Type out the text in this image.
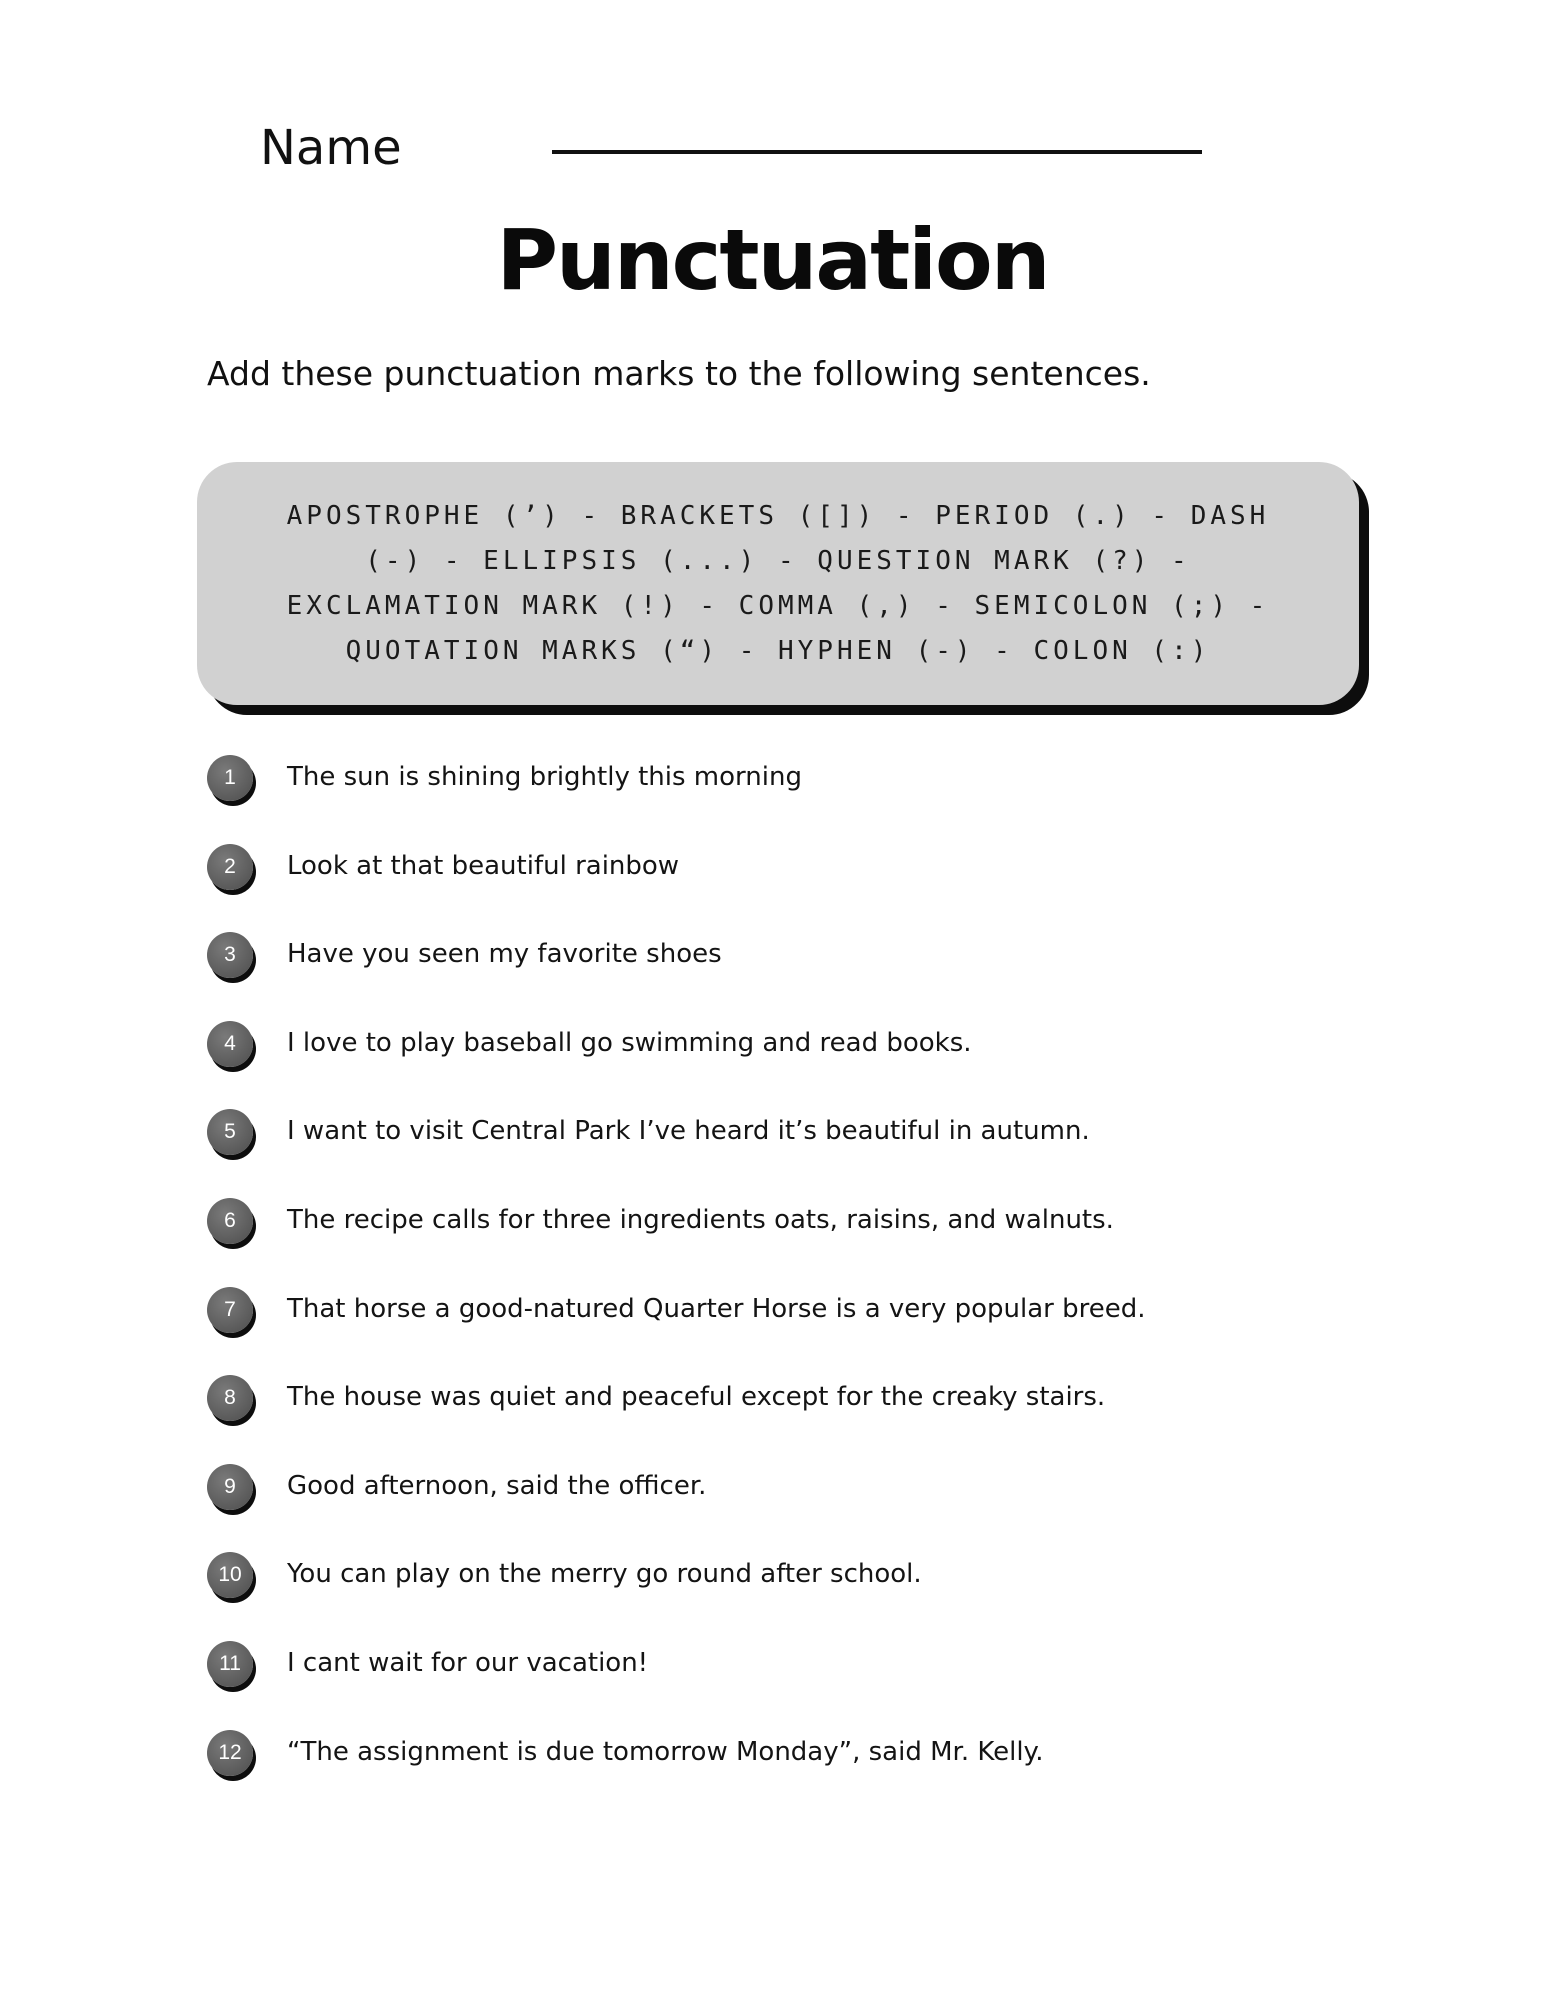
Name
Punctuation
Add these punctuation marks to the following sentences.
APOSTROPHE (’) - BRACKETS ([]) - PERIOD (.) - DASH (-) - ELLIPSIS (...) - QUESTION MARK (?) - EXCLAMATION MARK (!) - COMMA (,) - SEMICOLON (;) - QUOTATION MARKS (“) - HYPHEN (-) - COLON (:)
1	The sun is shining brightly this morning
2	Look at that beautiful rainbow
3	Have you seen my favorite shoes
4	I love to play baseball go swimming and read books.
5	I want to visit Central Park I’ve heard it’s beautiful in autumn.
6	The recipe calls for three ingredients oats, raisins, and walnuts.
7	That horse a good-natured Quarter Horse is a very popular breed.
8	The house was quiet and peaceful except for the creaky stairs.
9	Good afternoon, said the officer.
10	You can play on the merry go round after school.
11	I cant wait for our vacation!
12	“The assignment is due tomorrow Monday”, said Mr. Kelly.
